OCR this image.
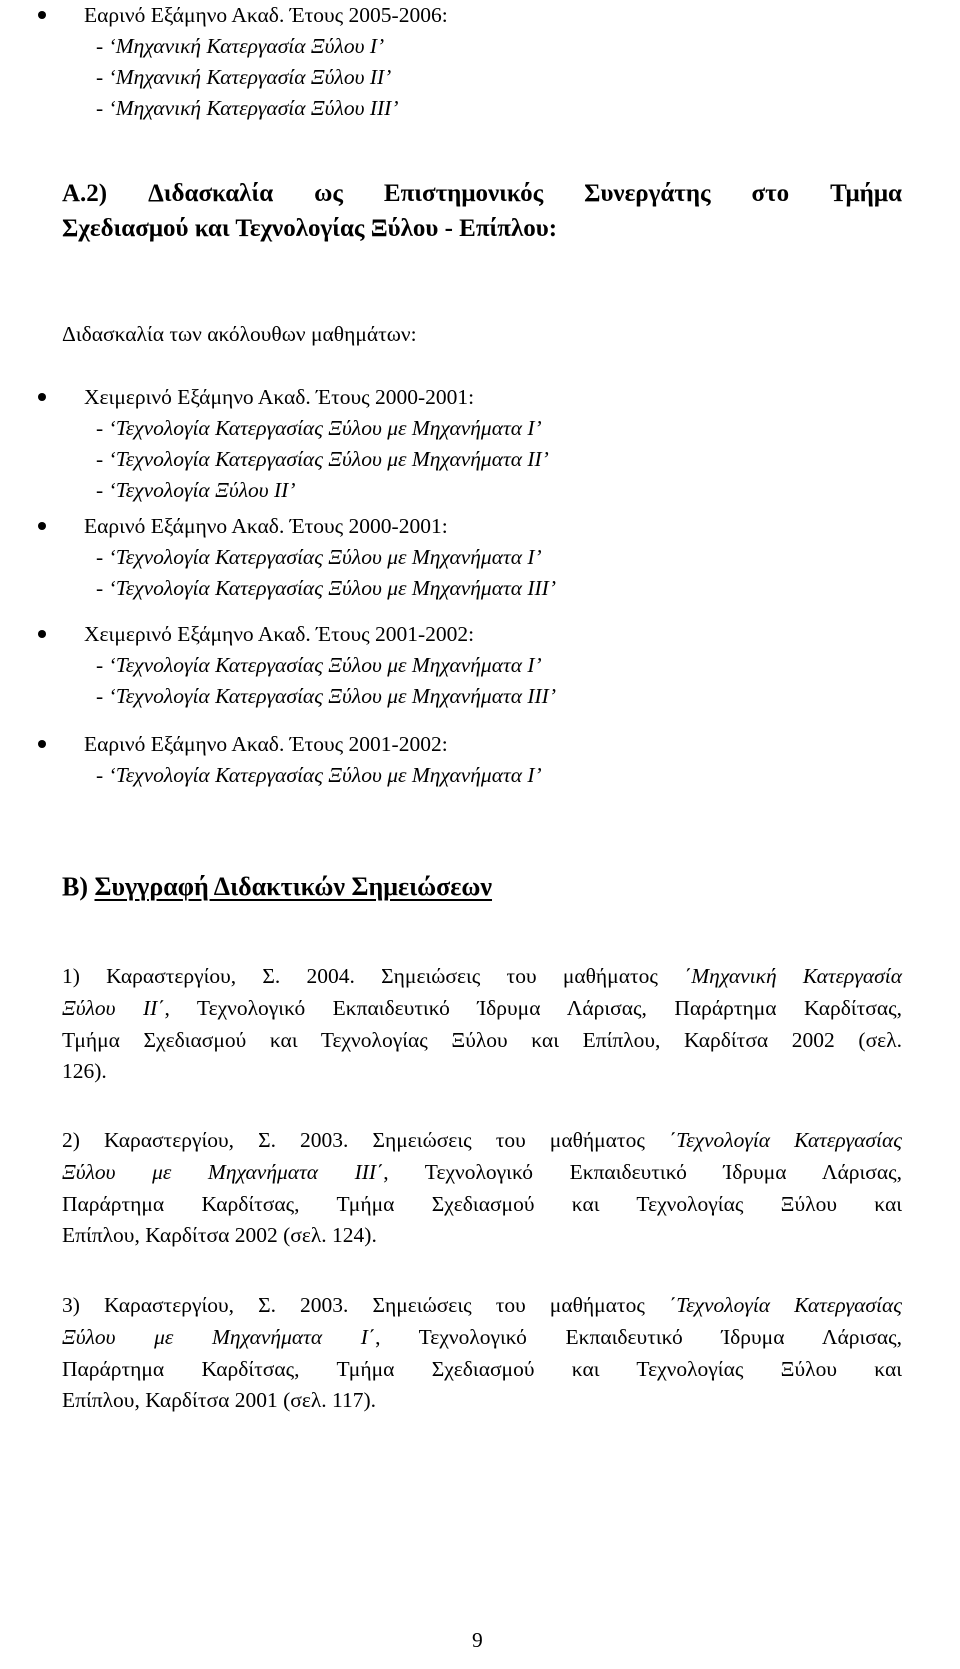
Εαρινό Εξάμηνο Ακαδ. Έτους 2005-2006:
- ‘Μηχανική Κατεργασία Ξύλου Ι’
- ‘Μηχανική Κατεργασία Ξύλου ΙΙ’
- ‘Μηχανική Κατεργασία Ξύλου ΙΙΙ’
Α.2) Διδασκαλία ως Επιστημονικός Συνεργάτης στο Τμήμα
Σχεδιασμού και Τεχνολογίας Ξύλου - Επίπλου:
Διδασκαλία των ακόλουθων μαθημάτων:
Χειμερινό Εξάμηνο Ακαδ. Έτους 2000-2001:
- ‘Τεχνολογία Κατεργασίας Ξύλου με Μηχανήματα Ι’
- ‘Τεχνολογία Κατεργασίας Ξύλου με Μηχανήματα ΙΙ’
- ‘Τεχνολογία Ξύλου ΙΙ’
Εαρινό Εξάμηνο Ακαδ. Έτους 2000-2001:
- ‘Τεχνολογία Κατεργασίας Ξύλου με Μηχανήματα Ι’
- ‘Τεχνολογία Κατεργασίας Ξύλου με Μηχανήματα ΙΙΙ’
Χειμερινό Εξάμηνο Ακαδ. Έτους 2001-2002:
- ‘Τεχνολογία Κατεργασίας Ξύλου με Μηχανήματα Ι’
- ‘Τεχνολογία Κατεργασίας Ξύλου με Μηχανήματα ΙΙΙ’
Εαρινό Εξάμηνο Ακαδ. Έτους 2001-2002:
- ‘Τεχνολογία Κατεργασίας Ξύλου με Μηχανήματα Ι’
Β) Συγγραφή Διδακτικών Σημειώσεων
1) Καραστεργίου, Σ. 2004. Σημειώσεις του μαθήματος ΄Μηχανική Κατεργασία
Ξύλου ΙΙ΄, Τεχνολογικό Εκπαιδευτικό Ίδρυμα Λάρισας, Παράρτημα Καρδίτσας,
Τμήμα Σχεδιασμού και Τεχνολογίας Ξύλου και Επίπλου, Καρδίτσα 2002 (σελ.
126).
2) Καραστεργίου, Σ. 2003. Σημειώσεις του μαθήματος ΄Τεχνολογία Κατεργασίας
Ξύλου με Μηχανήματα ΙΙΙ΄, Τεχνολογικό Εκπαιδευτικό Ίδρυμα Λάρισας,
Παράρτημα Καρδίτσας, Τμήμα Σχεδιασμού και Τεχνολογίας Ξύλου και
Επίπλου, Καρδίτσα 2002 (σελ. 124).
3) Καραστεργίου, Σ. 2003. Σημειώσεις του μαθήματος ΄Τεχνολογία Κατεργασίας
Ξύλου με Μηχανήματα Ι΄, Τεχνολογικό Εκπαιδευτικό Ίδρυμα Λάρισας,
Παράρτημα Καρδίτσας, Τμήμα Σχεδιασμού και Τεχνολογίας Ξύλου και
Επίπλου, Καρδίτσα 2001 (σελ. 117).
9
